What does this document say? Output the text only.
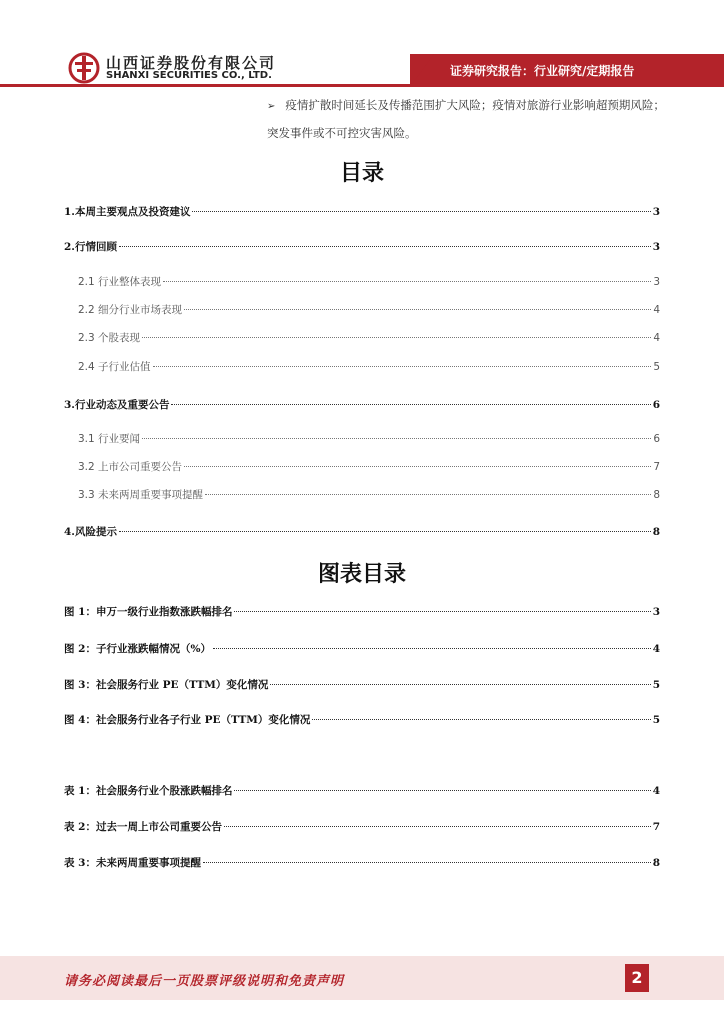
山西证券股份有限公司
SHANXI SECURITIES CO., LTD.	证券研究报告：行业研究/定期报告
➢ 疫情扩散时间延长及传播范围扩大风险；疫情对旅游行业影响超预期风险；突发事件或不可控灾害风险。
目录
1.本周主要观点及投资建议	3
2.行情回顾	3
2.1 行业整体表现	3
2.2 细分行业市场表现	4
2.3 个股表现	4
2.4 子行业估值	5
3.行业动态及重要公告	6
3.1 行业要闻	6
3.2 上市公司重要公告	7
3.3 未来两周重要事项提醒	8
4.风险提示	8
图表目录
图 1：申万一级行业指数涨跌幅排名	3
图 2：子行业涨跌幅情况（%）	4
图 3：社会服务行业 PE（TTM）变化情况	5
图 4：社会服务行业各子行业 PE（TTM）变化情况	5
表 1：社会服务行业个股涨跌幅排名	4
表 2：过去一周上市公司重要公告	7
表 3：未来两周重要事项提醒	8
请务必阅读最后一页股票评级说明和免责声明	2
